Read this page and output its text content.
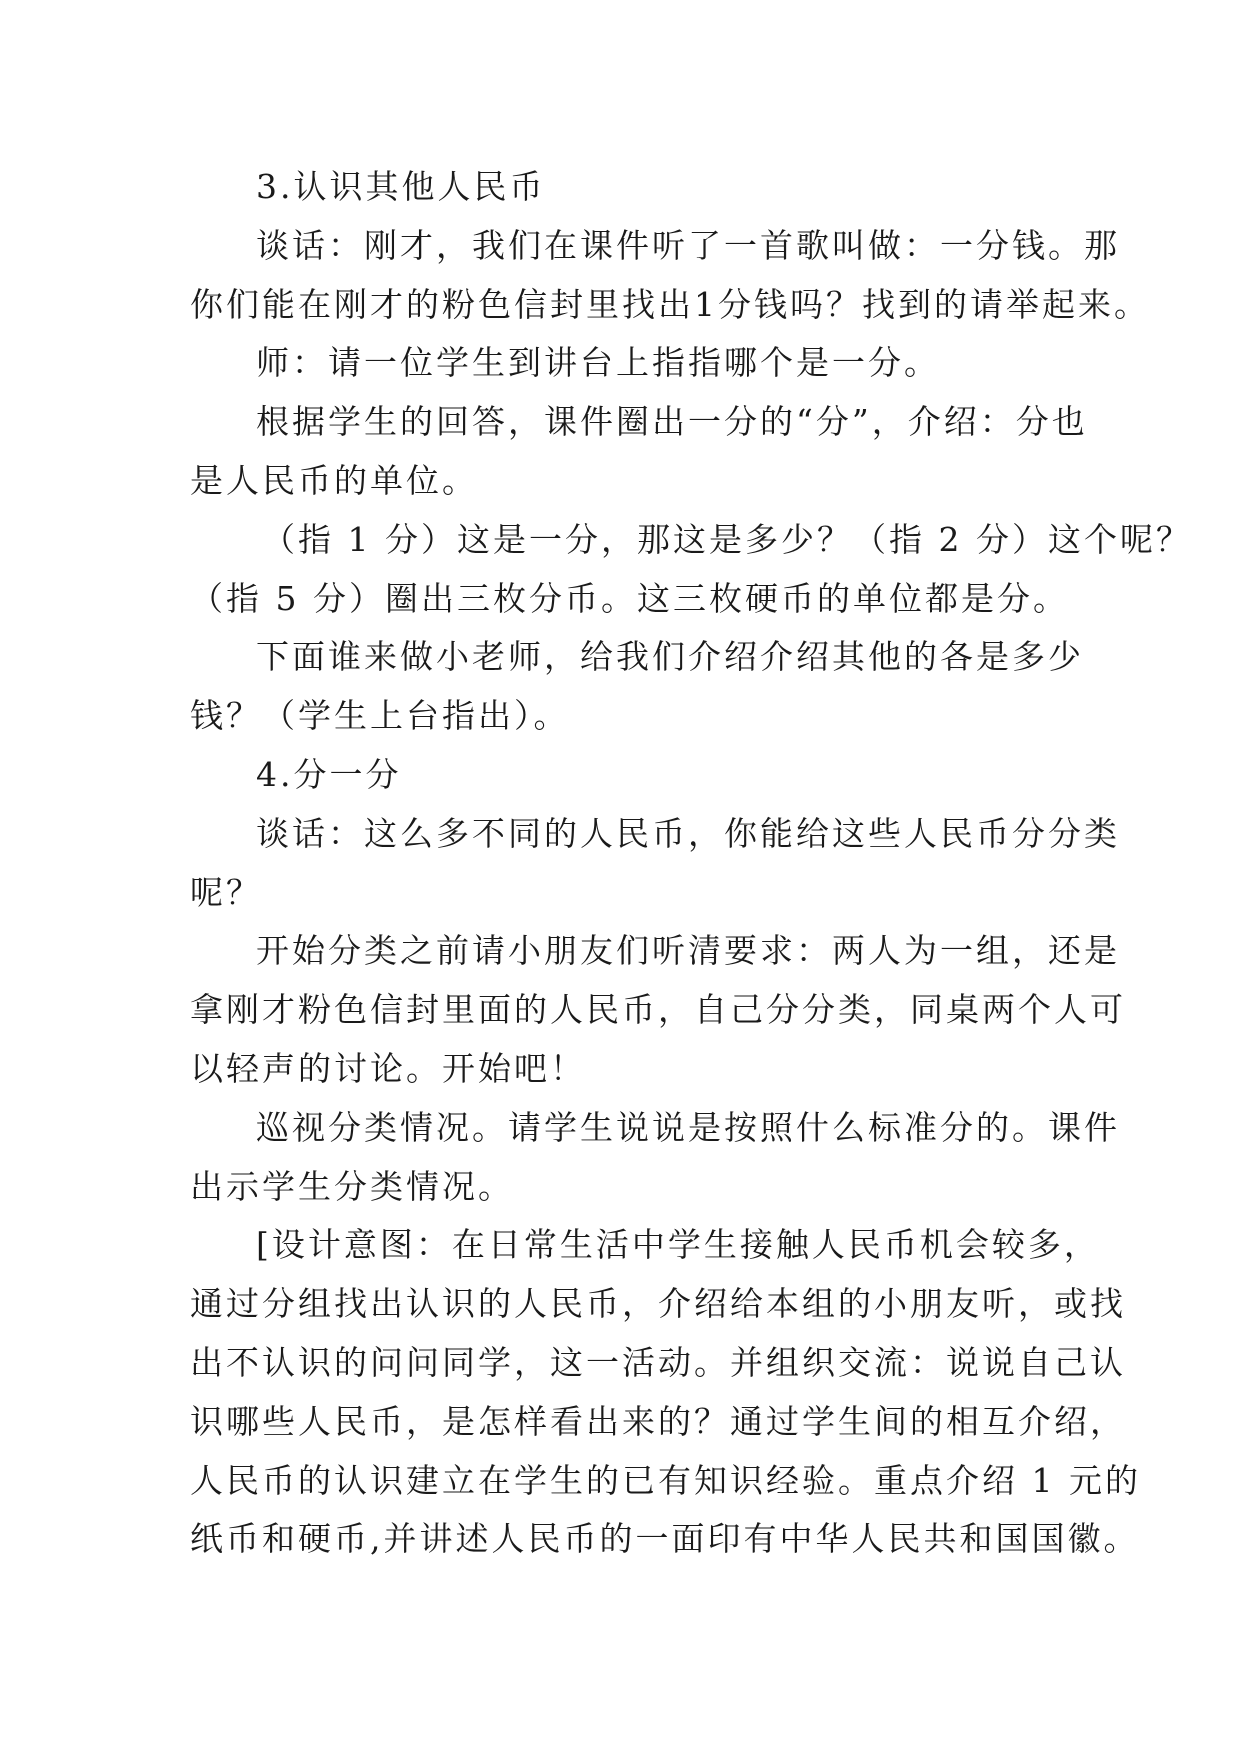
3.认识其他人民币
谈话：刚才，我们在课件听了一首歌叫做：一分钱。那
你们能在刚才的粉色信封里找出1分钱吗？找到的请举起来。
师：请一位学生到讲台上指指哪个是一分。
根据学生的回答，课件圈出一分的“分”，介绍：分也
是人民币的单位。
（指 1 分）这是一分，那这是多少？（指 2 分）这个呢？
（指 5 分）圈出三枚分币。这三枚硬币的单位都是分。
下面谁来做小老师，给我们介绍介绍其他的各是多少
钱？（学生上台指出）。
4.分一分
谈话：这么多不同的人民币，你能给这些人民币分分类
呢？
开始分类之前请小朋友们听清要求：两人为一组，还是
拿刚才粉色信封里面的人民币，自己分分类，同桌两个人可
以轻声的讨论。开始吧！
巡视分类情况。请学生说说是按照什么标准分的。课件
出示学生分类情况。
[设计意图：在日常生活中学生接触人民币机会较多，
通过分组找出认识的人民币，介绍给本组的小朋友听，或找
出不认识的问问同学，这一活动。并组织交流：说说自己认
识哪些人民币，是怎样看出来的？通过学生间的相互介绍，
人民币的认识建立在学生的已有知识经验。重点介绍 1 元的
纸币和硬币,并讲述人民币的一面印有中华人民共和国国徽。
